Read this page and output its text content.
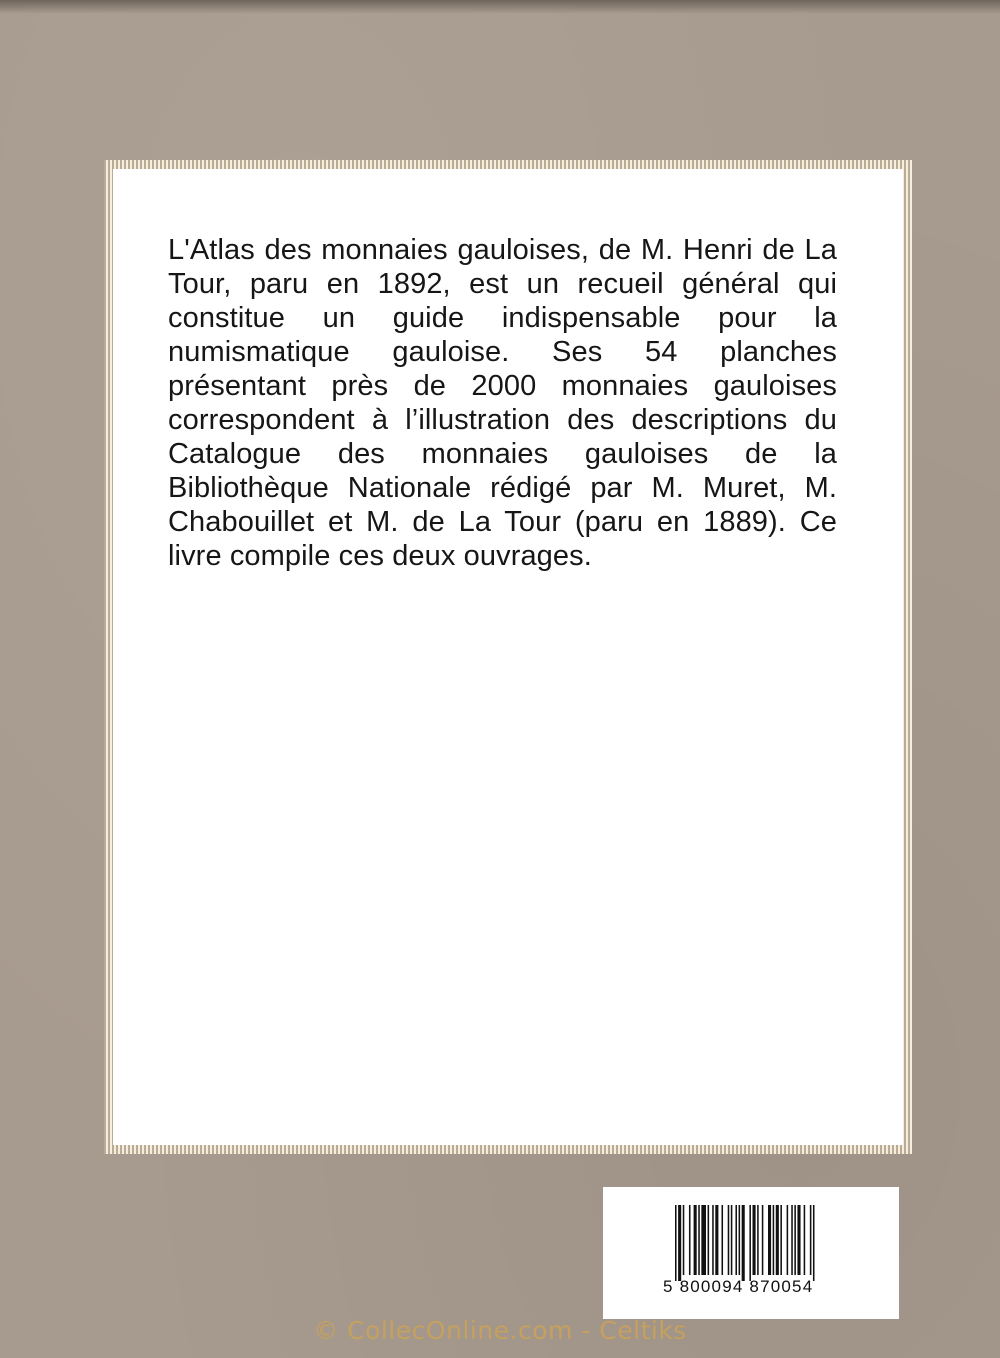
L'Atlas des monnaies gauloises, de M. Henri de La Tour, paru en 1892, est un recueil général qui constitue un guide indispensable pour la numismatique gauloise. Ses 54 planches présentant près de 2000 monnaies gauloises correspondent à l’illustration des descriptions du Catalogue des monnaies gauloises de la Bibliothèque Nationale rédigé par M. Muret, M. Chabouillet et M. de La Tour (paru en 1889). Ce livre compile ces deux ouvrages.

5 800094 870054
© CollecOnline.com - Celtiks
